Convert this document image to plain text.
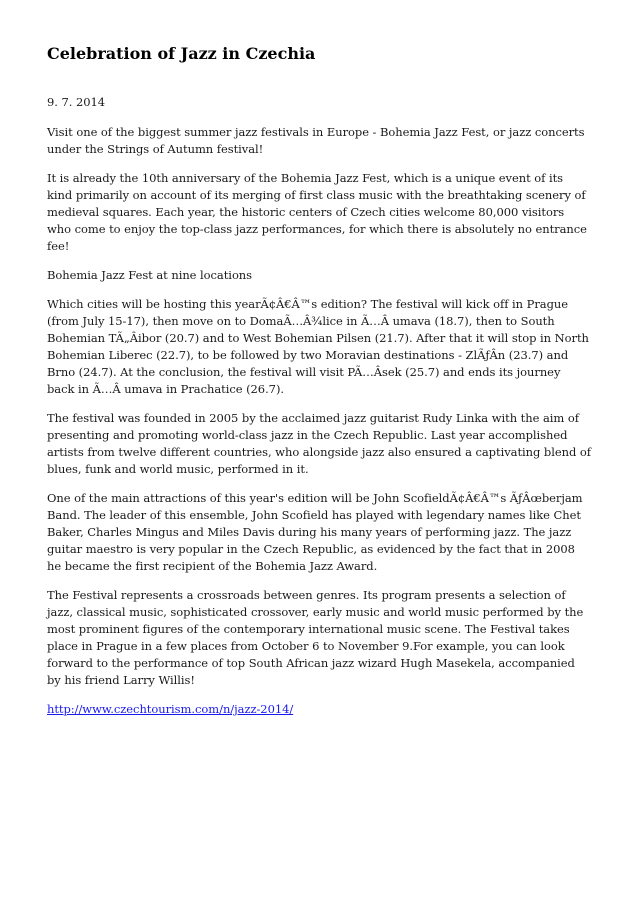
Celebration of Jazz in Czechia

9. 7. 2014

Visit one of the biggest summer jazz festivals in Europe - Bohemia Jazz Fest, or jazz concerts under the Strings of Autumn festival!

It is already the 10th anniversary of the Bohemia Jazz Fest, which is a unique event of its kind primarily on account of its merging of first class music with the breathtaking scenery of medieval squares. Each year, the historic centers of Czech cities welcome 80,000 visitors who come to enjoy the top-class jazz performances, for which there is absolutely no entrance fee!

Bohemia Jazz Fest at nine locations

Which cities will be hosting this yearÃ¢Â€Â™s edition? The festival will kick off in Prague (from July 15-17), then move on to DomaÃ…Â¾lice in Ã…Â umava (18.7), then to South Bohemian TÃ„Âibor (20.7) and to West Bohemian Pilsen (21.7). After that it will stop in North Bohemian Liberec (22.7), to be followed by two Moravian destinations - ZlÃƒÂn (23.7) and Brno (24.7). At the conclusion, the festival will visit PÃ…Âsek (25.7) and ends its journey back in Ã…Â umava in Prachatice (26.7).

The festival was founded in 2005 by the acclaimed jazz guitarist Rudy Linka with the aim of presenting and promoting world-class jazz in the Czech Republic. Last year accomplished artists from twelve different countries, who alongside jazz also ensured a captivating blend of blues, funk and world music, performed in it.

One of the main attractions of this year's edition will be John ScofieldÃ¢Â€Â™s ÃƒÂœberjam Band. The leader of this ensemble, John Scofield has played with legendary names like Chet Baker, Charles Mingus and Miles Davis during his many years of performing jazz. The jazz guitar maestro is very popular in the Czech Republic, as evidenced by the fact that in 2008 he became the first recipient of the Bohemia Jazz Award.

The Festival represents a crossroads between genres. Its program presents a selection of jazz, classical music, sophisticated crossover, early music and world music performed by the most prominent figures of the contemporary international music scene. The Festival takes place in Prague in a few places from October 6 to November 9.For example, you can look forward to the performance of top South African jazz wizard Hugh Masekela, accompanied by his friend Larry Willis!

http://www.czechtourism.com/n/jazz-2014/
